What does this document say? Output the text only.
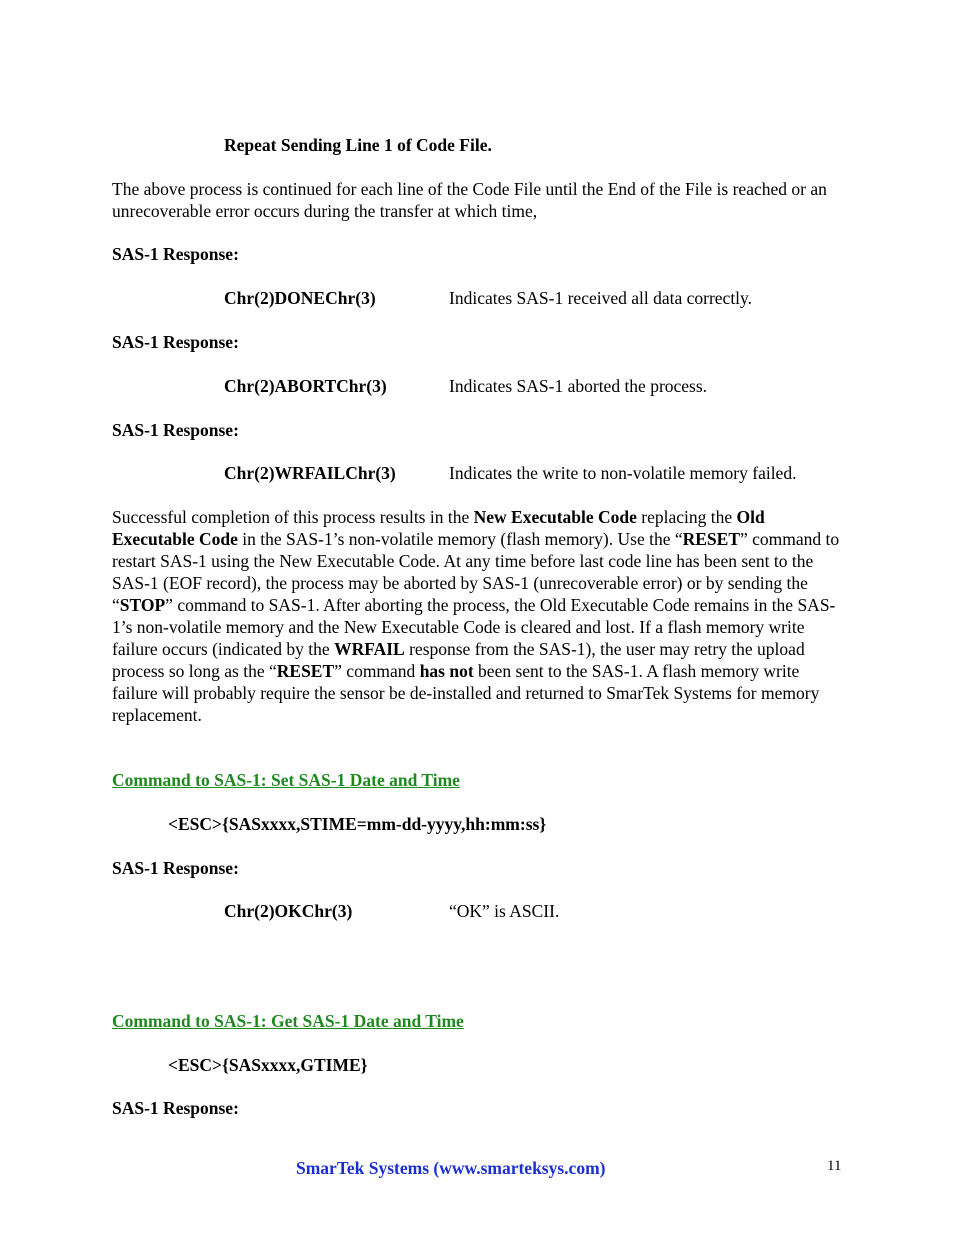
Repeat Sending Line 1 of Code File.
The above process is continued for each line of the Code File until the End of the File is reached or an unrecoverable error occurs during the transfer at which time,
SAS-1 Response:
Chr(2)DONEChr(3)	Indicates SAS-1 received all data correctly.
SAS-1 Response:
Chr(2)ABORTChr(3)	Indicates SAS-1 aborted the process.
SAS-1 Response:
Chr(2)WRFAILChr(3)	Indicates the write to non-volatile memory failed.
Successful completion of this process results in the New Executable Code replacing the Old Executable Code in the SAS-1’s non-volatile memory (flash memory). Use the “RESET” command to restart SAS-1 using the New Executable Code. At any time before last code line has been sent to the SAS-1 (EOF record), the process may be aborted by SAS-1 (unrecoverable error) or by sending the “STOP” command to SAS-1. After aborting the process, the Old Executable Code remains in the SAS-1’s non-volatile memory and the New Executable Code is cleared and lost. If a flash memory write failure occurs (indicated by the WRFAIL response from the SAS-1), the user may retry the upload process so long as the “RESET” command has not been sent to the SAS-1. A flash memory write failure will probably require the sensor be de-installed and returned to SmarTek Systems for memory replacement.
Command to SAS-1: Set SAS-1 Date and Time
<ESC>{SASxxxx,STIME=mm-dd-yyyy,hh:mm:ss}
SAS-1 Response:
Chr(2)OKChr(3)	“OK” is ASCII.
Command to SAS-1: Get SAS-1 Date and Time
<ESC>{SASxxxx,GTIME}
SAS-1 Response:
SmarTek Systems (www.smarteksys.com)	11
